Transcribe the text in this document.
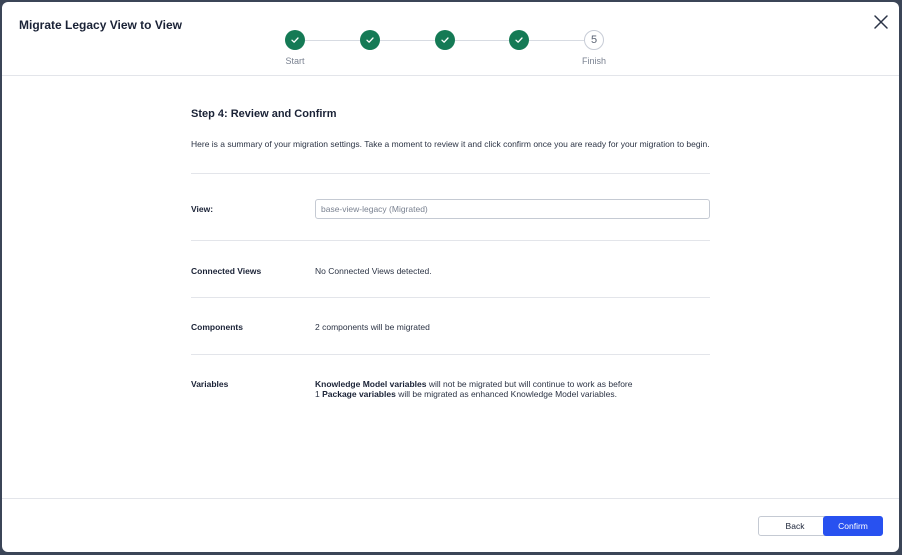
Migrate Legacy View to View
5
Start	Finish
Step 4: Review and Confirm
Here is a summary of your migration settings. Take a moment to review it and click confirm once you are ready for your migration to begin.
View:
base-view-legacy (Migrated)
Connected Views	No Connected Views detected.
Components	2 components will be migrated
Variables	Knowledge Model variables will not be migrated but will continue to work as before
1 Package variables will be migrated as enhanced Knowledge Model variables.
Back	Confirm
